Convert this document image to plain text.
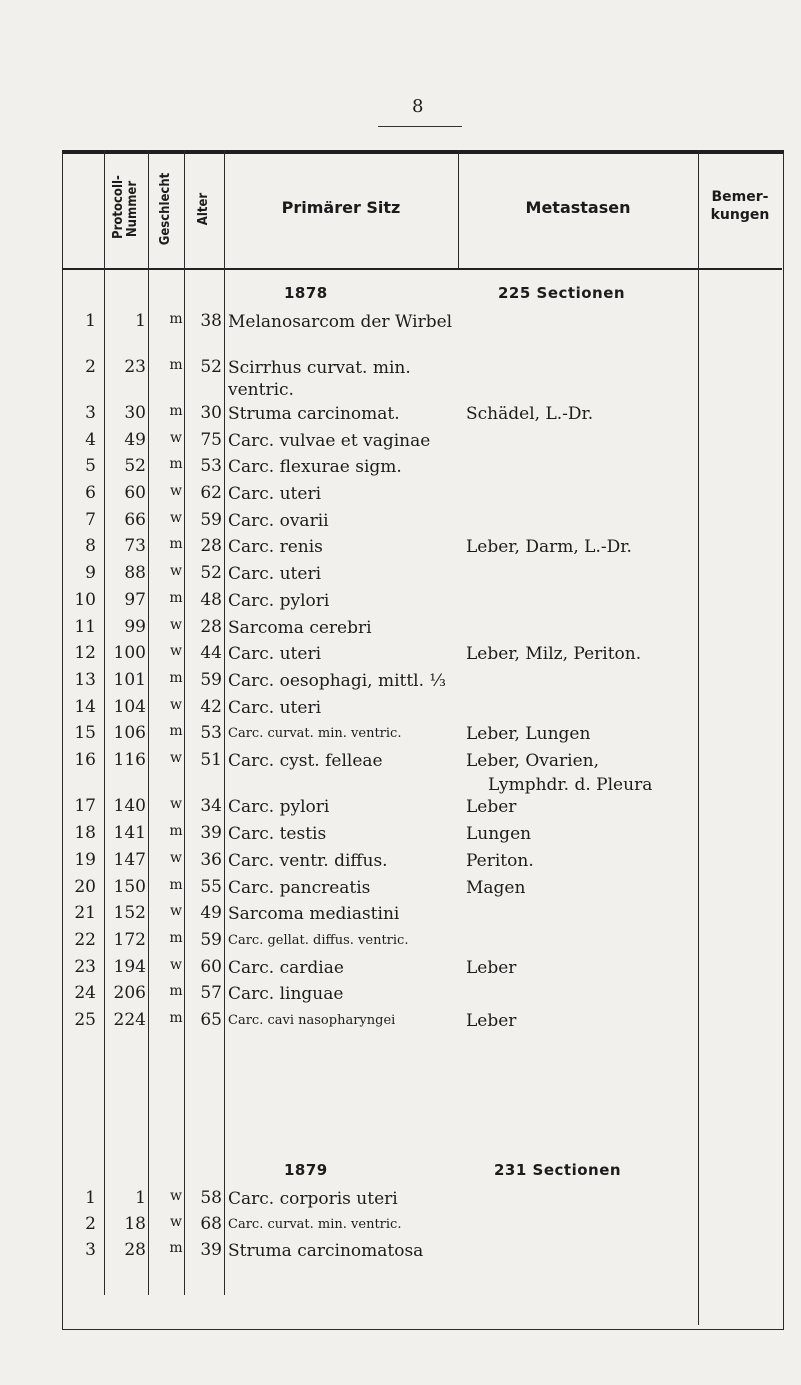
8
Protocoll- Nummer Geschlecht Alter	Primärer Sitz	Metastasen
Bemer-
kungen
1878	225 Sectionen
1	1	m	38 Melanosarcom der Wirbel
2	23	m	52 Scirrhus curvat. min. ventric.
3	30	m	30 Struma carcinomat.	Schädel, L.-Dr.
4	49	w	75 Carc. vulvae et vaginae
5	52	m	53 Carc. flexurae sigm.
6	60	w	62 Carc. uteri
7	66	w	59 Carc. ovarii
8	73	m	28 Carc. renis	Leber, Darm, L.-Dr.
9	88	w	52 Carc. uteri
10	97	m	48 Carc. pylori
11	99	w	28 Sarcoma cerebri
12	100	w	44 Carc. uteri	Leber, Milz, Periton.
13	101	m	59 Carc. oesophagi, mittl. ¹⁄₃
14	104	w	42 Carc. uteri
15	106	m	53 Carc. curvat. min. ventric.	Leber, Lungen
16	116	w	51 Carc. cyst. felleae	Leber, Ovarien,
Lymphdr. d. Pleura
17	140	w	34 Carc. pylori	Leber
18	141	m	39 Carc. testis	Lungen
19	147	w	36 Carc. ventr. diffus.	Periton.
20	150	m	55 Carc. pancreatis	Magen
21	152	w	49 Sarcoma mediastini
22	172	m	59 Carc. gellat. diffus. ventric.
23	194	w	60 Carc. cardiae	Leber
24	206	m	57 Carc. linguae
25	224	m	65 Carc. cavi nasopharyngei	Leber
1879	231 Sectionen
1	1	w	58 Carc. corporis uteri
2	18	w	68 Carc. curvat. min. ventric.
3	28	m	39 Struma carcinomatosa
